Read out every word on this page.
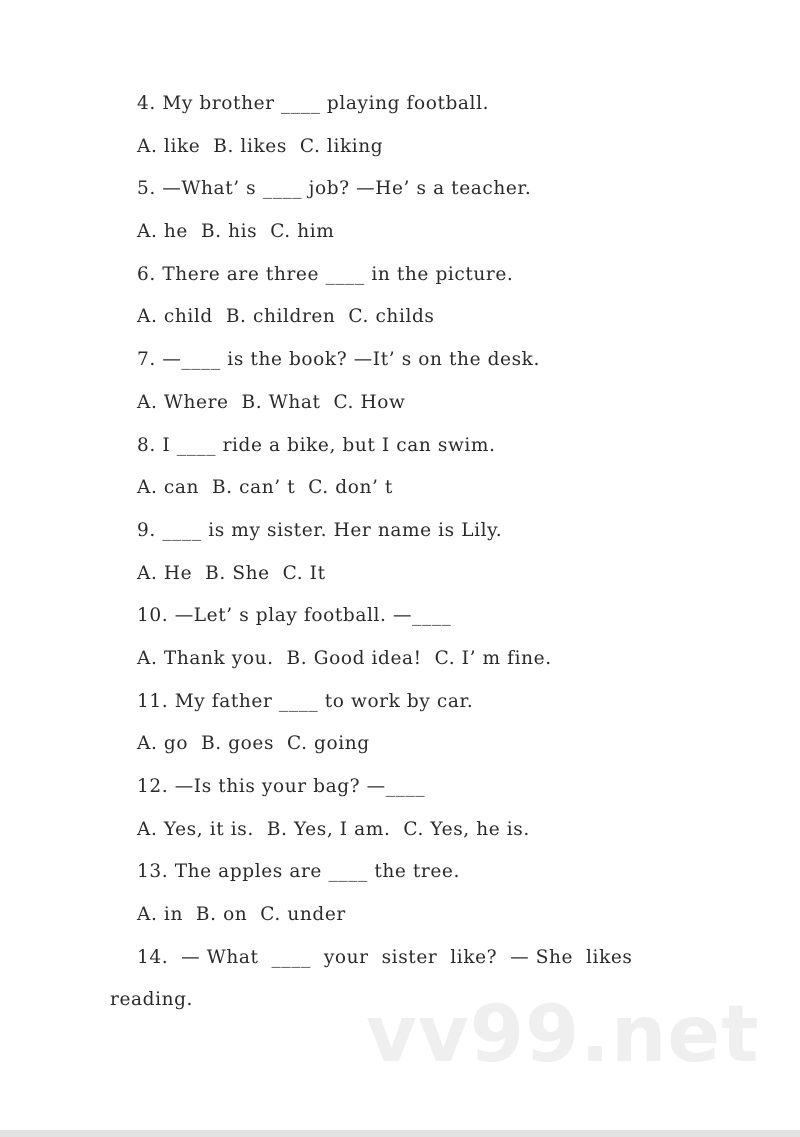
4. My brother ____ playing football.
A. like  B. likes  C. liking
5. —What’ s ____ job? —He’ s a teacher.
A. he  B. his  C. him
6. There are three ____ in the picture.
A. child  B. children  C. childs
7. —____ is the book? —It’ s on the desk.
A. Where  B. What  C. How
8. I ____ ride a bike, but I can swim.
A. can  B. can’ t  C. don’ t
9. ____ is my sister. Her name is Lily.
A. He  B. She  C. It
10. —Let’ s play football. —____
A. Thank you.  B. Good idea!  C. I’ m fine.
11. My father ____ to work by car.
A. go  B. goes  C. going
12. —Is this your bag? —____
A. Yes, it is.  B. Yes, I am.  C. Yes, he is.
13. The apples are ____ the tree.
A. in  B. on  C. under
14.  — What  ____  your  sister  like?  — She  likes
reading. vv99.net
